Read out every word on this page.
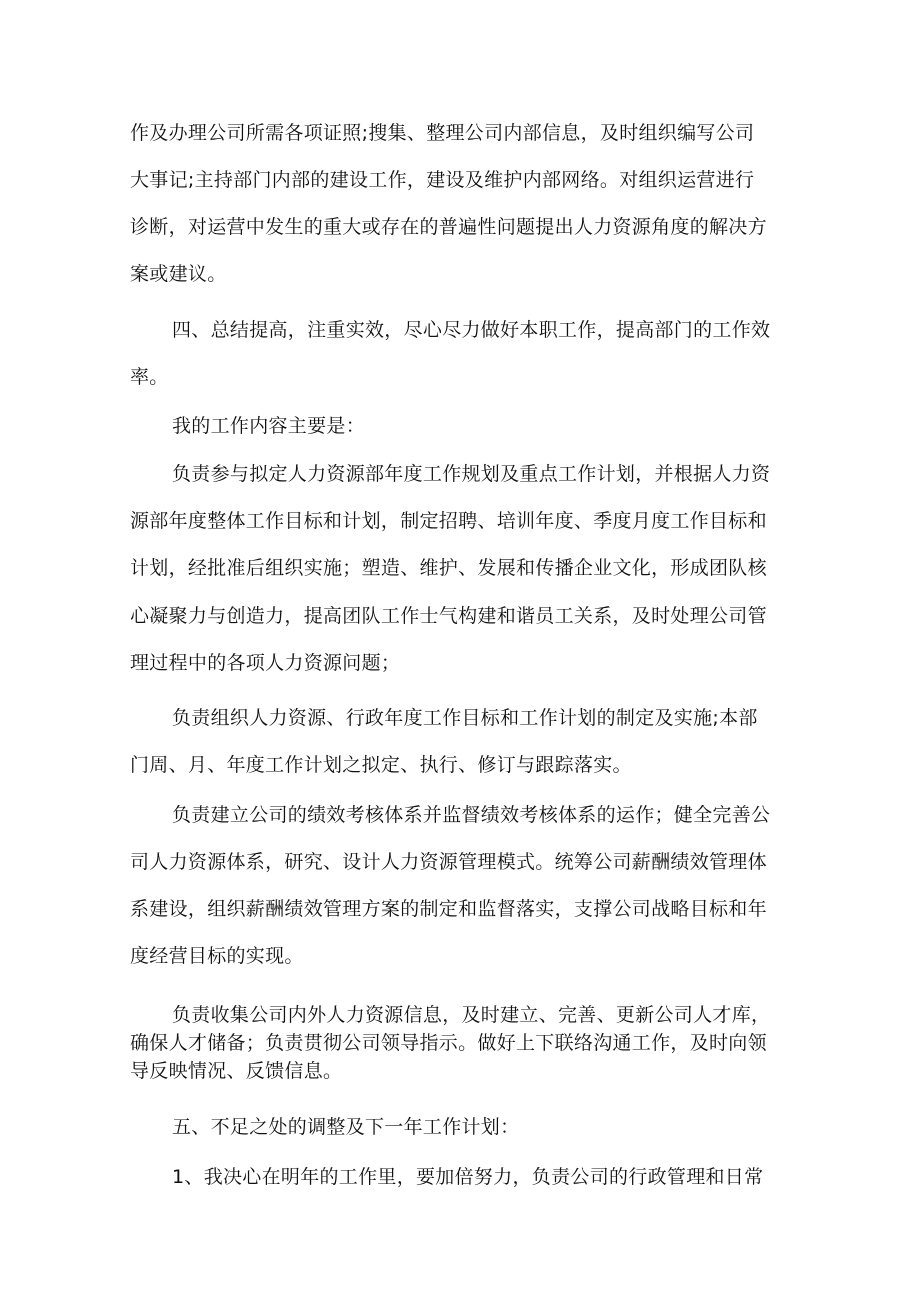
作及办理公司所需各项证照;搜集、整理公司内部信息，及时组织编写公司
大事记;主持部门内部的建设工作，建设及维护内部网络。对组织运营进行
诊断，对运营中发生的重大或存在的普遍性问题提出人力资源角度的解决方
案或建议。
四、总结提高，注重实效，尽心尽力做好本职工作，提高部门的工作效
率。
我的工作内容主要是：
负责参与拟定人力资源部年度工作规划及重点工作计划，并根据人力资
源部年度整体工作目标和计划，制定招聘、培训年度、季度月度工作目标和
计划，经批准后组织实施；塑造、维护、发展和传播企业文化，形成团队核
心凝聚力与创造力，提高团队工作士气构建和谐员工关系，及时处理公司管
理过程中的各项人力资源问题；
负责组织人力资源、行政年度工作目标和工作计划的制定及实施;本部
门周、月、年度工作计划之拟定、执行、修订与跟踪落实。
负责建立公司的绩效考核体系并监督绩效考核体系的运作；健全完善公
司人力资源体系，研究、设计人力资源管理模式。统筹公司薪酬绩效管理体
系建设，组织薪酬绩效管理方案的制定和监督落实，支撑公司战略目标和年
度经营目标的实现。
负责收集公司内外人力资源信息，及时建立、完善、更新公司人才库，
确保人才储备；负责贯彻公司领导指示。做好上下联络沟通工作，及时向领
导反映情况、反馈信息。
五、不足之处的调整及下一年工作计划：
1、我决心在明年的工作里，要加倍努力，负责公司的行政管理和日常
